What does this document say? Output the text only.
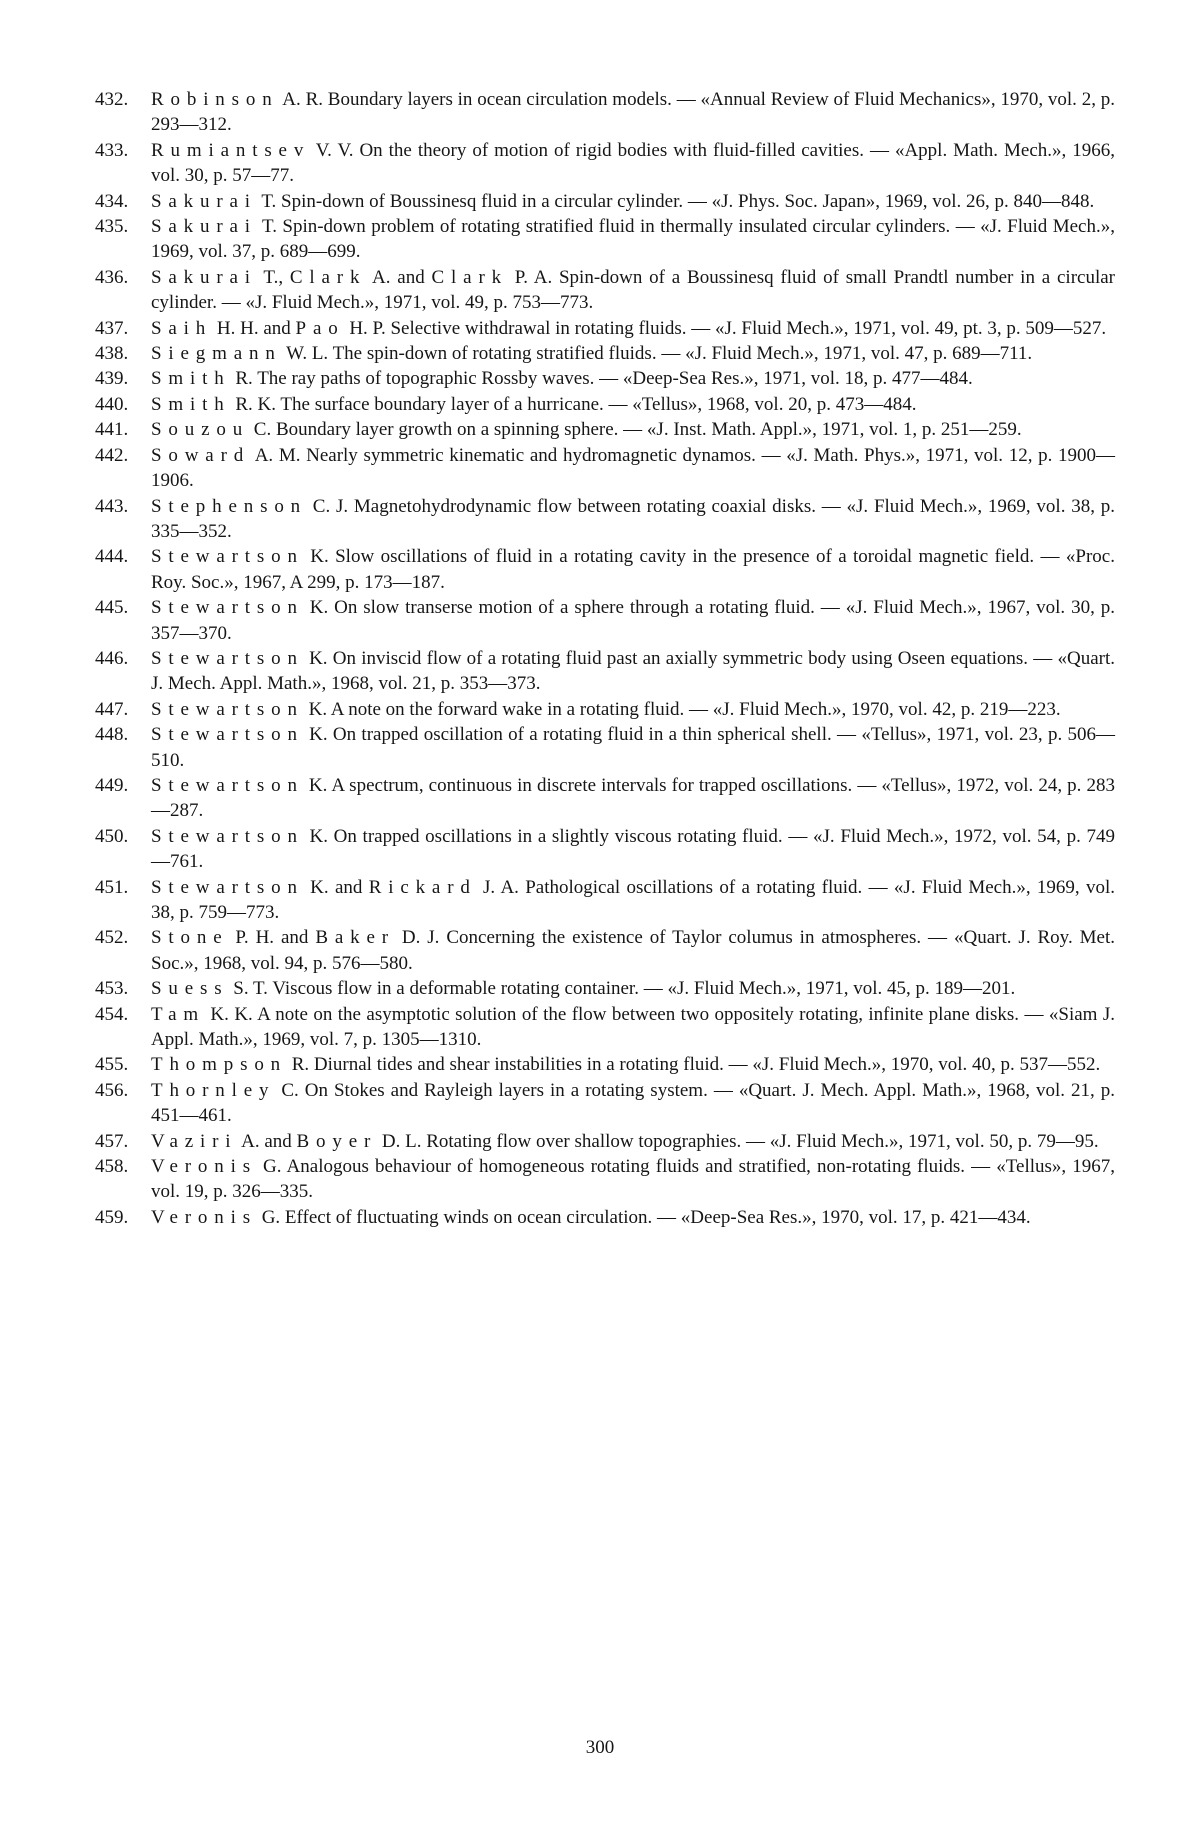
432.	Robinson A. R. Boundary layers in ocean circulation models. — «Annual Review of Fluid Mechanics», 1970, vol. 2, p. 293—312.

433.	Rumiantsev V. V. On the theory of motion of rigid bodies with fluid-filled cavities. — «Appl. Math. Mech.», 1966, vol. 30, p. 57—77.

434.	Sakurai T. Spin-down of Boussinesq fluid in a circular cylinder. — «J. Phys. Soc. Japan», 1969, vol. 26, p. 840—848.

435.	Sakurai T. Spin-down problem of rotating stratified fluid in thermally insulated circular cylinders. — «J. Fluid Mech.», 1969, vol. 37, p. 689—699.

436.	Sakurai T., Clark A. and Clark P. A. Spin-down of a Boussinesq fluid of small Prandtl number in a circular cylinder. — «J. Fluid Mech.», 1971, vol. 49, p. 753—773.

437.	Saih H. H. and Pao H. P. Selective withdrawal in rotating fluids. — «J. Fluid Mech.», 1971, vol. 49, pt. 3, p. 509—527.

438.	Siegmann W. L. The spin-down of rotating stratified fluids. — «J. Fluid Mech.», 1971, vol. 47, p. 689—711.

439.	Smith R. The ray paths of topographic Rossby waves. — «Deep-Sea Res.», 1971, vol. 18, p. 477—484.

440.	Smith R. K. The surface boundary layer of a hurricane. — «Tellus», 1968, vol. 20, p. 473—484.

441.	Souzou C. Boundary layer growth on a spinning sphere. — «J. Inst. Math. Appl.», 1971, vol. 1, p. 251—259.

442.	Soward A. M. Nearly symmetric kinematic and hydromagnetic dynamos. — «J. Math. Phys.», 1971, vol. 12, p. 1900—1906.

443.	Stephenson C. J. Magnetohydrodynamic flow between rotating coaxial disks. — «J. Fluid Mech.», 1969, vol. 38, p. 335—352.

444.	Stewartson K. Slow oscillations of fluid in a rotating cavity in the presence of a toroidal magnetic field. — «Proc. Roy. Soc.», 1967, A 299, p. 173—187.

445.	Stewartson K. On slow transerse motion of a sphere through a rotating fluid. — «J. Fluid Mech.», 1967, vol. 30, p. 357—370.

446.	Stewartson K. On inviscid flow of a rotating fluid past an axially symmetric body using Oseen equations. — «Quart. J. Mech. Appl. Math.», 1968, vol. 21, p. 353—373.

447.	Stewartson K. A note on the forward wake in a rotating fluid. — «J. Fluid Mech.», 1970, vol. 42, p. 219—223.

448.	Stewartson K. On trapped oscillation of a rotating fluid in a thin spherical shell. — «Tellus», 1971, vol. 23, p. 506—510.

449.	Stewartson K. A spectrum, continuous in discrete intervals for trapped oscillations. — «Tellus», 1972, vol. 24, p. 283—287.

450.	Stewartson K. On trapped oscillations in a slightly viscous rotating fluid. — «J. Fluid Mech.», 1972, vol. 54, p. 749—761.

451.	Stewartson K. and Rickard J. A. Pathological oscillations of a rotating fluid. — «J. Fluid Mech.», 1969, vol. 38, p. 759—773.

452.	Stone P. H. and Baker D. J. Concerning the existence of Taylor columus in atmospheres. — «Quart. J. Roy. Met. Soc.», 1968, vol. 94, p. 576—580.

453.	Suess S. T. Viscous flow in a deformable rotating container. — «J. Fluid Mech.», 1971, vol. 45, p. 189—201.

454.	Tam K. K. A note on the asymptotic solution of the flow between two oppositely rotating, infinite plane disks. — «Siam J. Appl. Math.», 1969, vol. 7, p. 1305—1310.

455.	Thompson R. Diurnal tides and shear instabilities in a rotating fluid. — «J. Fluid Mech.», 1970, vol. 40, p. 537—552.

456.	Thornley C. On Stokes and Rayleigh layers in a rotating system. — «Quart. J. Mech. Appl. Math.», 1968, vol. 21, p. 451—461.

457.	Vaziri A. and Boyer D. L. Rotating flow over shallow topographies. — «J. Fluid Mech.», 1971, vol. 50, p. 79—95.

458.	Veronis G. Analogous behaviour of homogeneous rotating fluids and stratified, non-rotating fluids. — «Tellus», 1967, vol. 19, p. 326—335.

459.	Veronis G. Effect of fluctuating winds on ocean circulation. — «Deep-Sea Res.», 1970, vol. 17, p. 421—434.

300
